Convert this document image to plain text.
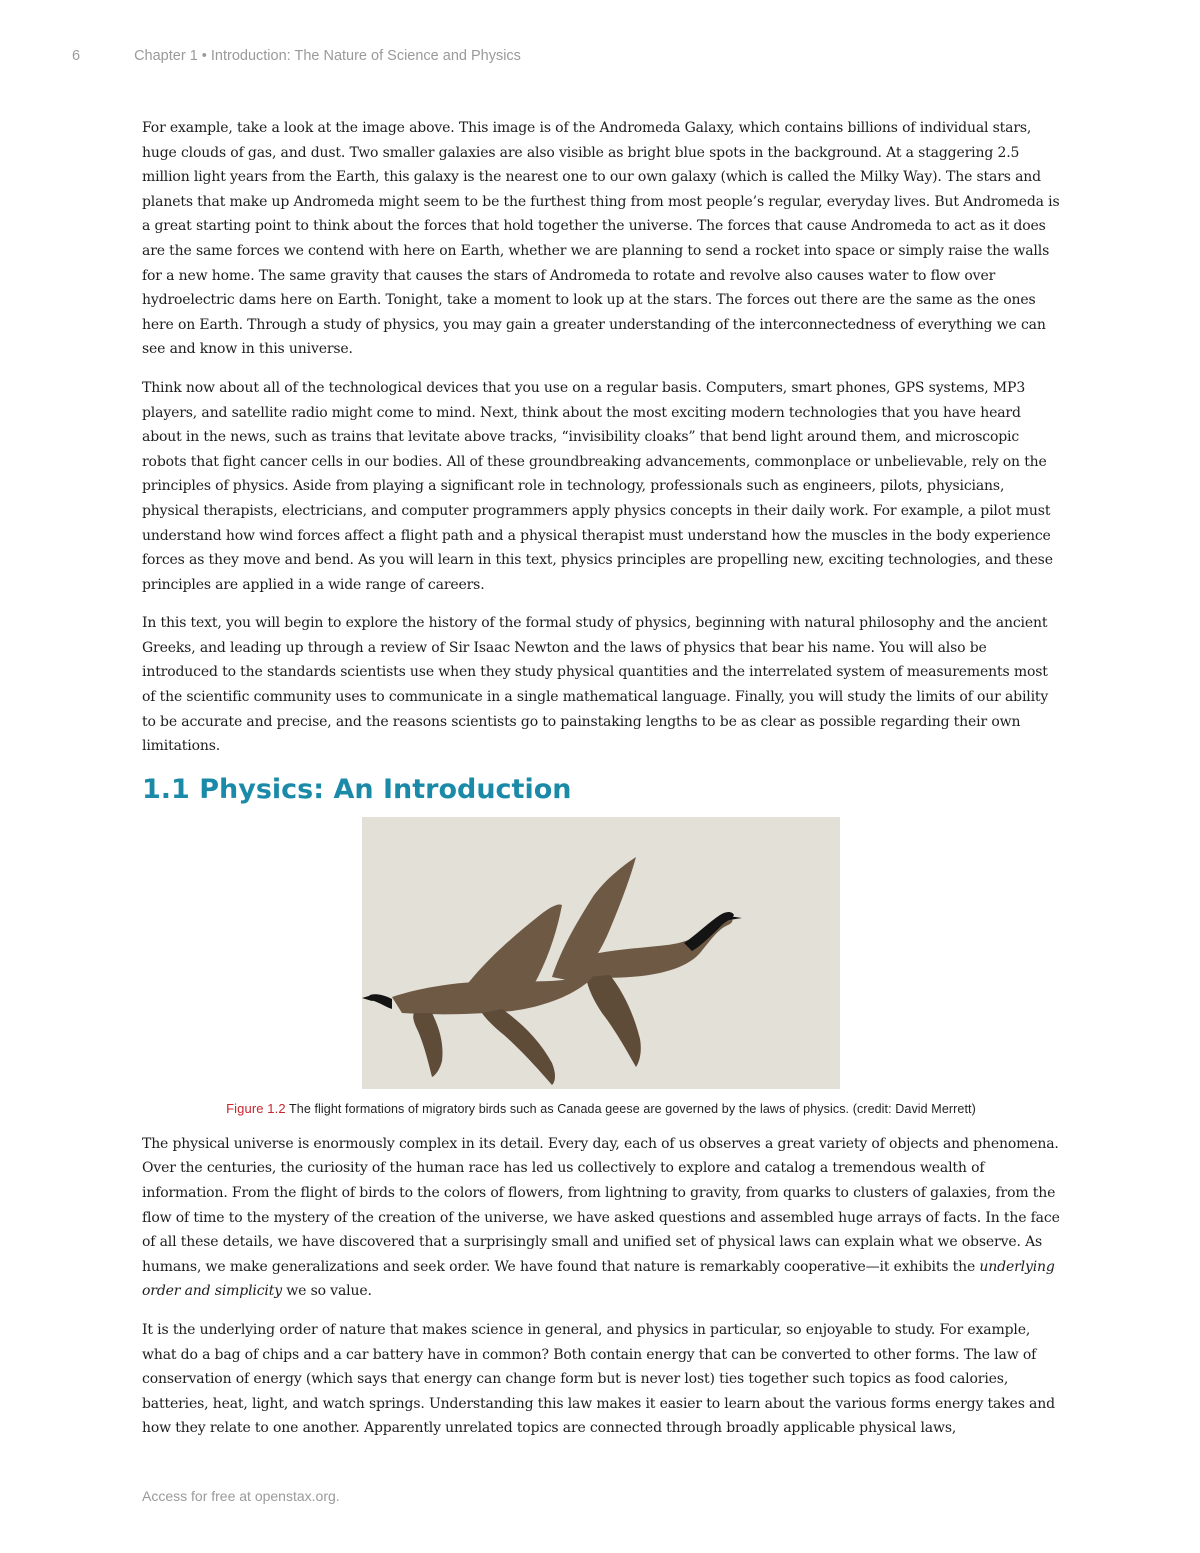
6	Chapter 1 • Introduction: The Nature of Science and Physics

For example, take a look at the image above. This image is of the Andromeda Galaxy, which contains billions of individual stars, huge clouds of gas, and dust. Two smaller galaxies are also visible as bright blue spots in the background. At a staggering 2.5 million light years from the Earth, this galaxy is the nearest one to our own galaxy (which is called the Milky Way). The stars and planets that make up Andromeda might seem to be the furthest thing from most people’s regular, everyday lives. But Andromeda is a great starting point to think about the forces that hold together the universe. The forces that cause Andromeda to act as it does are the same forces we contend with here on Earth, whether we are planning to send a rocket into space or simply raise the walls for a new home. The same gravity that causes the stars of Andromeda to rotate and revolve also causes water to flow over hydroelectric dams here on Earth. Tonight, take a moment to look up at the stars. The forces out there are the same as the ones here on Earth. Through a study of physics, you may gain a greater understanding of the interconnectedness of everything we can see and know in this universe.

Think now about all of the technological devices that you use on a regular basis. Computers, smart phones, GPS systems, MP3 players, and satellite radio might come to mind. Next, think about the most exciting modern technologies that you have heard about in the news, such as trains that levitate above tracks, “invisibility cloaks” that bend light around them, and microscopic robots that fight cancer cells in our bodies. All of these groundbreaking advancements, commonplace or unbelievable, rely on the principles of physics. Aside from playing a significant role in technology, professionals such as engineers, pilots, physicians, physical therapists, electricians, and computer programmers apply physics concepts in their daily work. For example, a pilot must understand how wind forces affect a flight path and a physical therapist must understand how the muscles in the body experience forces as they move and bend. As you will learn in this text, physics principles are propelling new, exciting technologies, and these principles are applied in a wide range of careers.

In this text, you will begin to explore the history of the formal study of physics, beginning with natural philosophy and the ancient Greeks, and leading up through a review of Sir Isaac Newton and the laws of physics that bear his name. You will also be introduced to the standards scientists use when they study physical quantities and the interrelated system of measurements most of the scientific community uses to communicate in a single mathematical language. Finally, you will study the limits of our ability to be accurate and precise, and the reasons scientists go to painstaking lengths to be as clear as possible regarding their own limitations.

1.1 Physics: An Introduction
Figure 1.2 The flight formations of migratory birds such as Canada geese are governed by the laws of physics. (credit: David Merrett)

The physical universe is enormously complex in its detail. Every day, each of us observes a great variety of objects and phenomena. Over the centuries, the curiosity of the human race has led us collectively to explore and catalog a tremendous wealth of information. From the flight of birds to the colors of flowers, from lightning to gravity, from quarks to clusters of galaxies, from the flow of time to the mystery of the creation of the universe, we have asked questions and assembled huge arrays of facts. In the face of all these details, we have discovered that a surprisingly small and unified set of physical laws can explain what we observe. As humans, we make generalizations and seek order. We have found that nature is remarkably cooperative—it exhibits the underlying order and simplicity we so value.

It is the underlying order of nature that makes science in general, and physics in particular, so enjoyable to study. For example, what do a bag of chips and a car battery have in common? Both contain energy that can be converted to other forms. The law of conservation of energy (which says that energy can change form but is never lost) ties together such topics as food calories, batteries, heat, light, and watch springs. Understanding this law makes it easier to learn about the various forms energy takes and how they relate to one another. Apparently unrelated topics are connected through broadly applicable physical laws,

Access for free at openstax.org.
